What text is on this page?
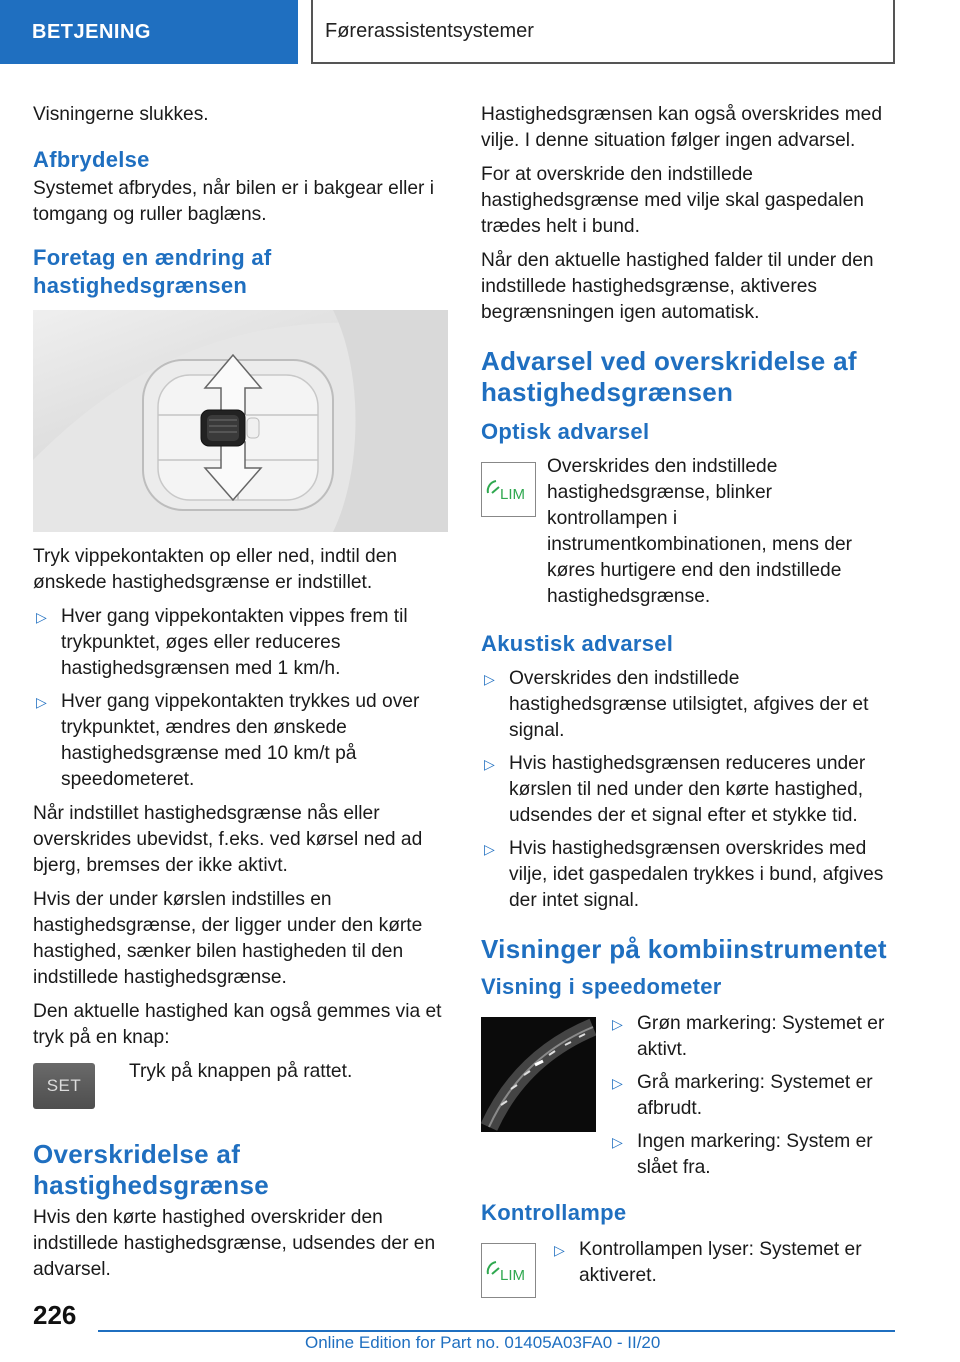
BETJENING	Førerassistentsystemer

Visningerne slukkes.

Afbrydelse

Systemet afbrydes, når bilen er i bakgear eller i tomgang og ruller baglæns.

Foretag en ændring af hastighedsgrænsen

Tryk vippekontakten op eller ned, indtil den ønskede hastighedsgrænse er indstillet.

▷ Hver gang vippekontakten vippes frem til trykpunktet, øges eller reduceres hastighedsgrænsen med 1 km/h.
▷ Hver gang vippekontakten trykkes ud over trykpunktet, ændres den ønskede hastighedsgrænse med 10 km/t på speedometeret.

Når indstillet hastighedsgrænse nås eller overskrides ubevidst, f.eks. ved kørsel ned ad bjerg, bremses der ikke aktivt.

Hvis der under kørslen indstilles en hastighedsgrænse, der ligger under den kørte hastighed, sænker bilen hastigheden til den indstillede hastighedsgrænse.

Den aktuelle hastighed kan også gemmes via et tryk på en knap:

SET
Tryk på knappen på rattet.
Overskridelse af hastighedsgrænse

Hvis den kørte hastighed overskrider den indstillede hastighedsgrænse, udsendes der en advarsel.

Hastighedsgrænsen kan også overskrides med vilje. I denne situation følger ingen advarsel.

For at overskride den indstillede hastighedsgrænse med vilje skal gaspedalen trædes helt i bund.

Når den aktuelle hastighed falder til under den indstillede hastighedsgrænse, aktiveres begrænsningen igen automatisk.

Advarsel ved overskridelse af hastighedsgrænsen
Optisk advarsel
LIM
Overskrides den indstillede hastighedsgrænse, blinker kontrollampen i instrumentkombinationen, mens der køres hurtigere end den indstillede hastighedsgrænse.
Akustisk advarsel
▷ Overskrides den indstillede hastighedsgrænse utilsigtet, afgives der et signal.
▷ Hvis hastighedsgrænsen reduceres under kørslen til ned under den kørte hastighed, udsendes der et signal efter et stykke tid.
▷ Hvis hastighedsgrænsen overskrides med vilje, idet gaspedalen trykkes i bund, afgives der intet signal.
Visninger på kombiinstrumentet
Visning i speedometer
▷ Grøn markering: Systemet er aktivt.
▷ Grå markering: Systemet er afbrudt.
▷ Ingen markering: System er slået fra.
Kontrollampe
LIM
▷ Kontrollampen lyser: Systemet er aktiveret.
226
Online Edition for Part no. 01405A03FA0 - II/20
